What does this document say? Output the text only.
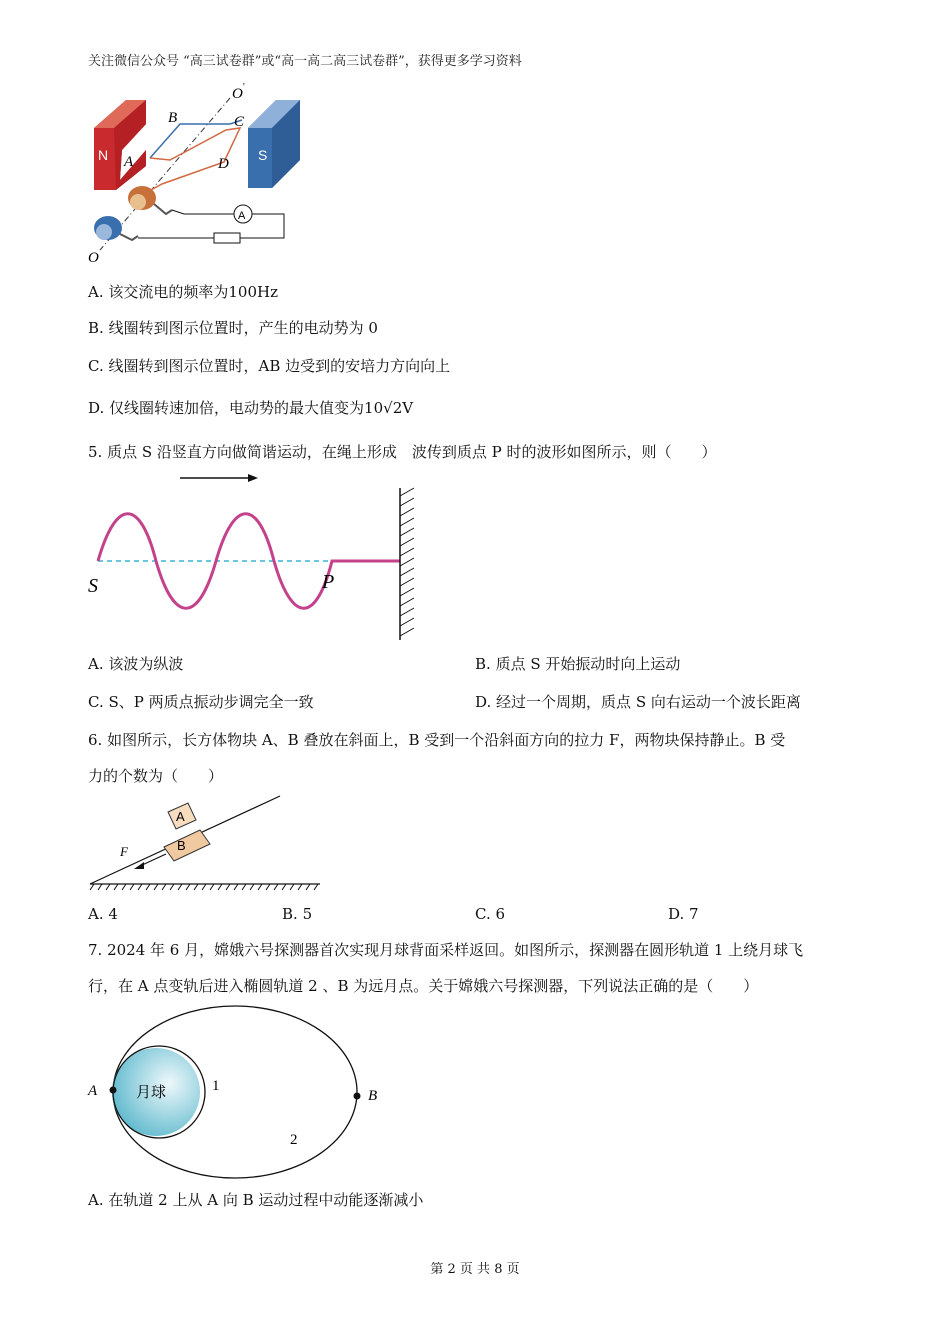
关注微信公众号 “高三试卷群”或“高一高二高三试卷群”，获得更多学习资料
N	S
A
O '
B	C
A	D
O
A. 该交流电的频率为100Hz
B. 线圈转到图示位置时，产生的电动势为 0
C. 线圈转到图示位置时，AB 边受到的安培力方向向上
D. 仅线圈转速加倍，电动势的最大值变为10√2V
5. 质点 S 沿竖直方向做简谐运动，在绳上形成　波传到质点 P 时的波形如图所示，则（　　）
S	P
A. 该波为纵波	B. 质点 S 开始振动时向上运动
C. S、P 两质点振动步调完全一致	D. 经过一个周期，质点 S 向右运动一个波长距离
6. 如图所示，长方体物块 A、B 叠放在斜面上，B 受到一个沿斜面方向的拉力 F，两物块保持静止。B 受
力的个数为（　　）
B
A
F
A. 4	B. 5	C. 6	D. 7
7. 2024 年 6 月，嫦娥六号探测器首次实现月球背面采样返回。如图所示，探测器在圆形轨道 1 上绕月球飞
行，在 A 点变轨后进入椭圆轨道 2 、B 为远月点。关于嫦娥六号探测器，下列说法正确的是（　　）
月球
A	B
1
2
A. 在轨道 2 上从 A 向 B 运动过程中动能逐渐减小
第 2 页 共 8 页
